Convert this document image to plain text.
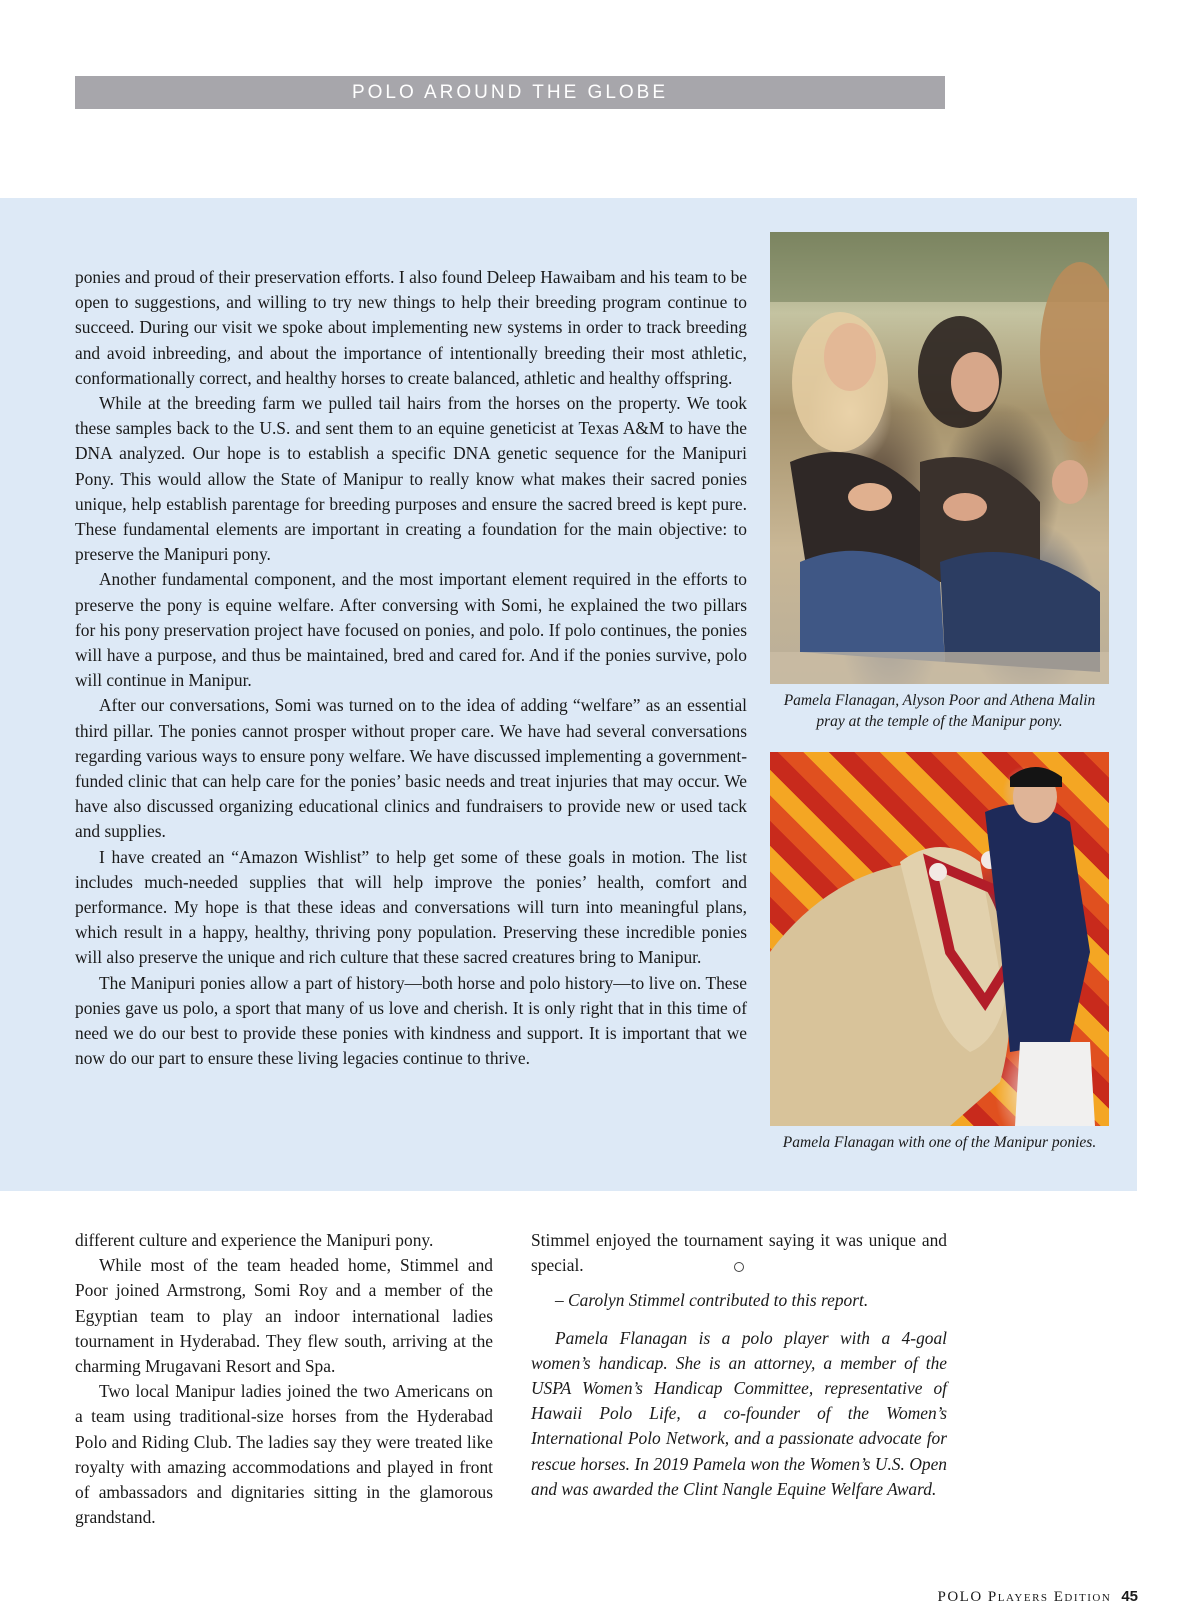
POLO AROUND THE GLOBE

ponies and proud of their preservation efforts. I also found Deleep Hawaibam and his team to be open to suggestions, and willing to try new things to help their breeding program continue to succeed. During our visit we spoke about implementing new systems in order to track breeding and avoid inbreeding, and about the importance of intentionally breeding their most athletic, conformationally correct, and healthy horses to create balanced, athletic and healthy offspring.

While at the breeding farm we pulled tail hairs from the horses on the property. We took these samples back to the U.S. and sent them to an equine geneticist at Texas A&M to have the DNA analyzed. Our hope is to establish a specific DNA genetic sequence for the Manipuri Pony. This would allow the State of Manipur to really know what makes their sacred ponies unique, help establish parentage for breeding purposes and ensure the sacred breed is kept pure. These fundamental elements are important in creating a foundation for the main objective: to preserve the Manipuri pony.

Another fundamental component, and the most important element required in the efforts to preserve the pony is equine welfare. After conversing with Somi, he explained the two pillars for his pony preservation project have focused on ponies, and polo. If polo continues, the ponies will have a purpose, and thus be maintained, bred and cared for. And if the ponies survive, polo will continue in Manipur.

After our conversations, Somi was turned on to the idea of adding “welfare” as an essential third pillar. The ponies cannot prosper without proper care. We have had several conversations regarding various ways to ensure pony welfare. We have discussed implementing a government-funded clinic that can help care for the ponies’ basic needs and treat injuries that may occur. We have also discussed organizing educational clinics and fundraisers to provide new or used tack and supplies.

I have created an “Amazon Wishlist” to help get some of these goals in motion. The list includes much-needed supplies that will help improve the ponies’ health, comfort and performance. My hope is that these ideas and conversations will turn into meaningful plans, which result in a happy, healthy, thriving pony population. Preserving these incredible ponies will also preserve the unique and rich culture that these sacred creatures bring to Manipur.

The Manipuri ponies allow a part of history—both horse and polo history—to live on. These ponies gave us polo, a sport that many of us love and cherish. It is only right that in this time of need we do our best to provide these ponies with kindness and support. It is important that we now do our part to ensure these living legacies continue to thrive.

Pamela Flanagan, Alyson Poor and Athena Malin pray at the temple of the Manipur pony.
Pamela Flanagan with one of the Manipur ponies.

different culture and experience the Manipuri pony.

While most of the team headed home, Stimmel and Poor joined Armstrong, Somi Roy and a member of the Egyptian team to play an indoor international ladies tournament in Hyderabad. They flew south, arriving at the charming Mrugavani Resort and Spa.

Two local Manipur ladies joined the two Americans on a team using traditional-size horses from the Hyderabad Polo and Riding Club. The ladies say they were treated like royalty with amazing accommodations and played in front of ambassadors and dignitaries sitting in the glamorous grandstand.

Stimmel enjoyed the tournament saying it was unique and special.

– Carolyn Stimmel contributed to this report.

Pamela Flanagan is a polo player with a 4-goal women’s handicap. She is an attorney, a member of the USPA Women’s Handicap Committee, representative of Hawaii Polo Life, a co-founder of the Women’s International Polo Network, and a passionate advocate for rescue horses. In 2019 Pamela won the Women’s U.S. Open and was awarded the Clint Nangle Equine Welfare Award.

POLO Players Edition 45
